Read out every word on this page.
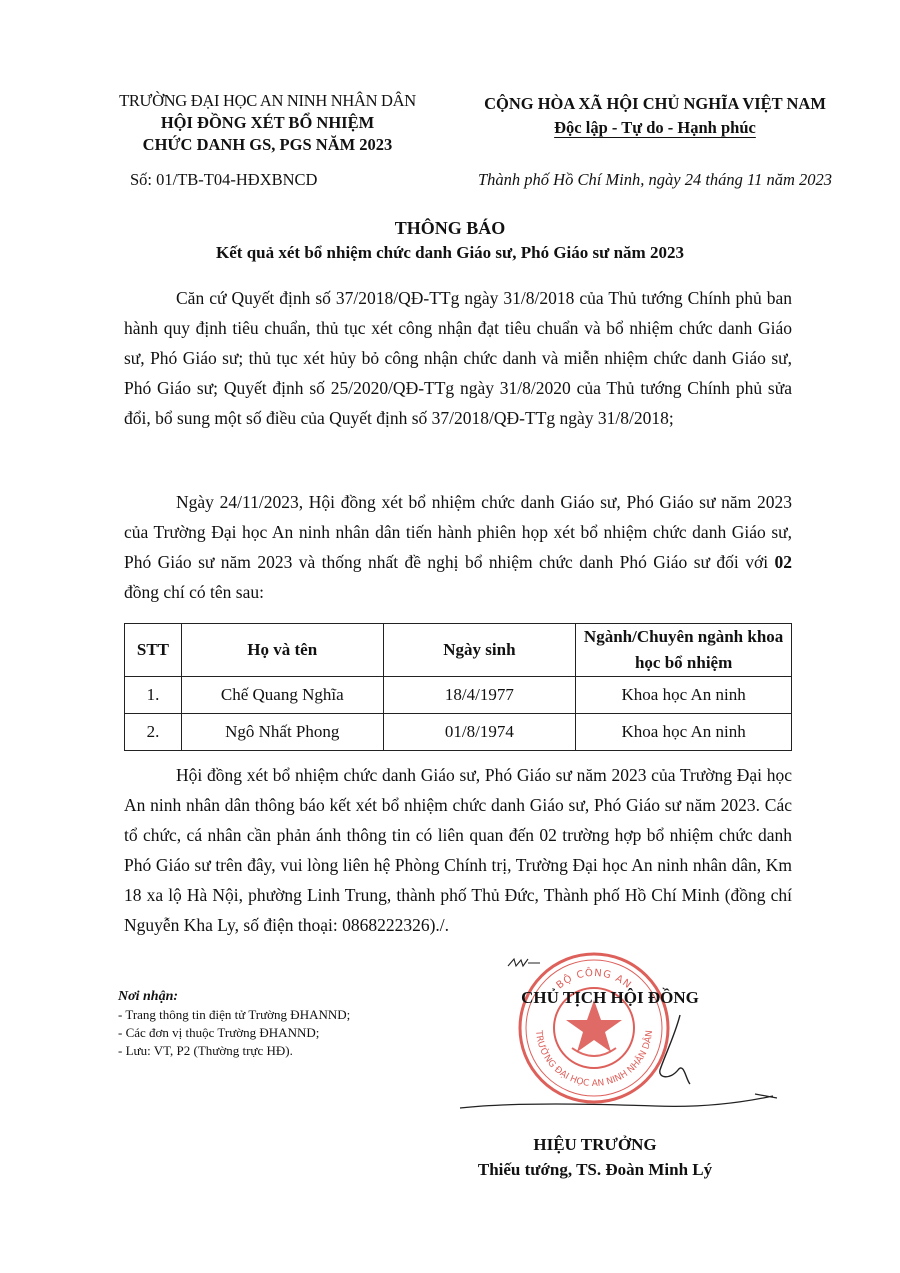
TRƯỜNG ĐẠI HỌC AN NINH NHÂN DÂN
HỘI ĐỒNG XÉT BỔ NHIỆM
CHỨC DANH GS, PGS NĂM 2023
Số: 01/TB-T04-HĐXBNCD
CỘNG HÒA XÃ HỘI CHỦ NGHĨA VIỆT NAM
Độc lập - Tự do - Hạnh phúc
Thành phố Hồ Chí Minh, ngày 24 tháng 11 năm 2023
THÔNG BÁO
Kết quả xét bổ nhiệm chức danh Giáo sư, Phó Giáo sư năm 2023
Căn cứ Quyết định số 37/2018/QĐ-TTg ngày 31/8/2018 của Thủ tướng Chính phủ ban hành quy định tiêu chuẩn, thủ tục xét công nhận đạt tiêu chuẩn và bổ nhiệm chức danh Giáo sư, Phó Giáo sư; thủ tục xét hủy bỏ công nhận chức danh và miễn nhiệm chức danh Giáo sư, Phó Giáo sư; Quyết định số 25/2020/QĐ-TTg ngày 31/8/2020 của Thủ tướng Chính phủ sửa đổi, bổ sung một số điều của Quyết định số 37/2018/QĐ-TTg ngày 31/8/2018;
Ngày 24/11/2023, Hội đồng xét bổ nhiệm chức danh Giáo sư, Phó Giáo sư năm 2023 của Trường Đại học An ninh nhân dân tiến hành phiên họp xét bổ nhiệm chức danh Giáo sư, Phó Giáo sư năm 2023 và thống nhất đề nghị bổ nhiệm chức danh Phó Giáo sư đối với 02 đồng chí có tên sau:
STT	Họ và tên	Ngày sinh	Ngành/Chuyên ngành khoa học bổ nhiệm
1.	Chế Quang Nghĩa	18/4/1977	Khoa học An ninh
2.	Ngô Nhất Phong	01/8/1974	Khoa học An ninh
Hội đồng xét bổ nhiệm chức danh Giáo sư, Phó Giáo sư năm 2023 của Trường Đại học An ninh nhân dân thông báo kết xét bổ nhiệm chức danh Giáo sư, Phó Giáo sư năm 2023. Các tổ chức, cá nhân cần phản ánh thông tin có liên quan đến 02 trường hợp bổ nhiệm chức danh Phó Giáo sư trên đây, vui lòng liên hệ Phòng Chính trị, Trường Đại học An ninh nhân dân, Km 18 xa lộ Hà Nội, phường Linh Trung, thành phố Thủ Đức, Thành phố Hồ Chí Minh (đồng chí Nguyễn Kha Ly, số điện thoại: 0868222326)./.
Nơi nhận:
- Trang thông tin điện tử Trường ĐHANND;
- Các đơn vị thuộc Trường ĐHANND;
- Lưu: VT, P2 (Thường trực HĐ).
BỘ CÔNG AN
TRƯỜNG ĐẠI HỌC AN NINH NHÂN DÂN
CHỦ TỊCH HỘI ĐỒNG
HIỆU TRƯỞNG
Thiếu tướng, TS. Đoàn Minh Lý
